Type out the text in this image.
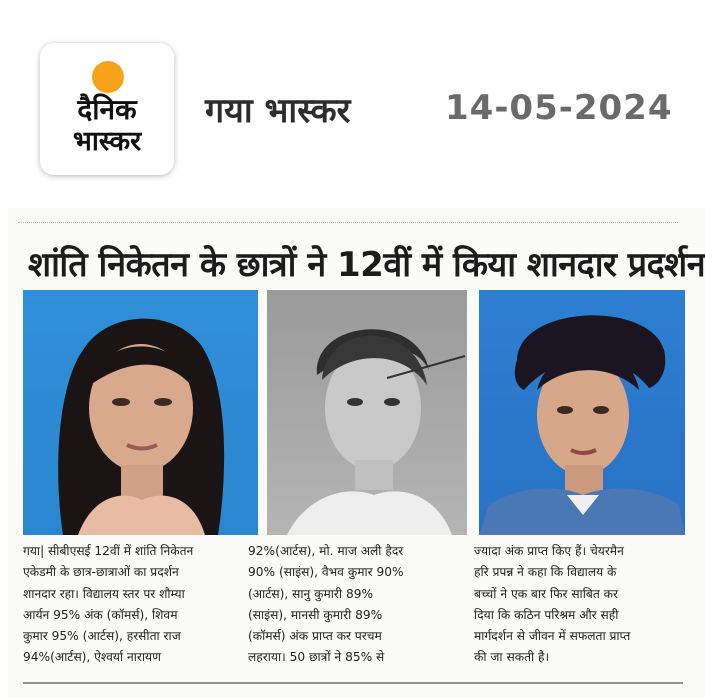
दैनिक
भास्कर
गया भास्कर	14-05-2024
शांति निकेतन के छात्रों ने 12वीं में किया शानदार प्रदर्शन
गया| सीबीएसई 12वीं में शांति निकेतन
एकेडमी के छात्र-छात्राओं का प्रदर्शन
शानदार रहा। विद्यालय स्तर पर शौम्या
आर्यन 95% अंक (कॉमर्स), शिवम
कुमार 95% (आर्टस), हरसीता राज
94%(आर्टस), ऐश्वर्या नारायण
92%(आर्टस), मो. माज अली हैदर
90% (साइंस), वैभव कुमार 90%
(आर्टस), सानु कुमारी 89%
(साइंस), मानसी कुमारी 89%
(कॉमर्स) अंक प्राप्त कर परचम
लहराया। 50 छात्रों ने 85% से
ज्यादा अंक प्राप्त किए हैं। चेयरमैन
हरि प्रपन्न ने कहा कि विद्यालय के
बच्चों ने एक बार फिर साबित कर
दिया कि कठिन परिश्रम और सही
मार्गदर्शन से जीवन में सफलता प्राप्त
की जा सकती है।
